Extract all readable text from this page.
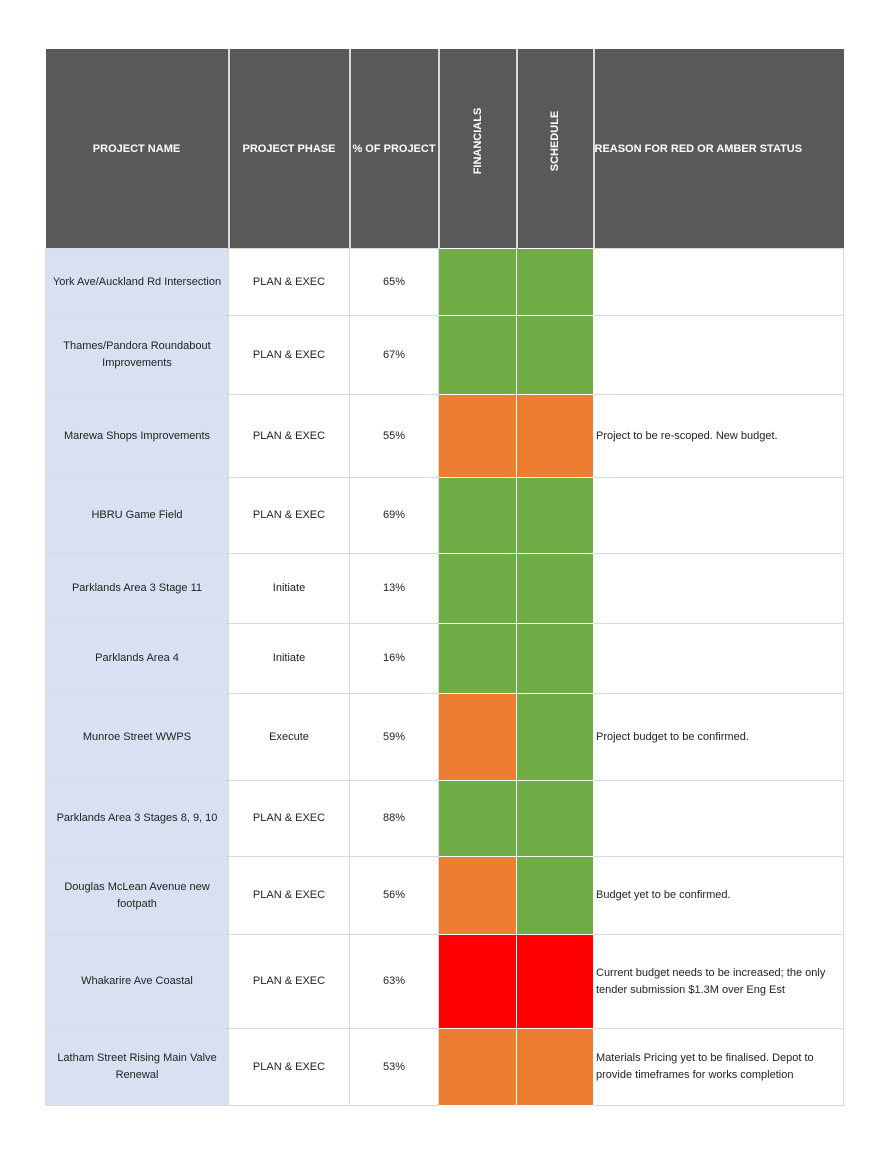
PROJECT NAME	PROJECT PHASE	% OF PROJECT	FINANCIALS	SCHEDULE	REASON FOR RED OR AMBER STATUS
York Ave/Auckland Rd Intersection	PLAN & EXEC	65%			
Thames/Pandora Roundabout Improvements	PLAN & EXEC	67%			
Marewa Shops Improvements	PLAN & EXEC	55%			Project to be re-scoped. New budget.
HBRU Game Field	PLAN & EXEC	69%			
Parklands Area 3 Stage 11	Initiate	13%			
Parklands Area 4	Initiate	16%			
Munroe Street WWPS	Execute	59%			Project budget to be confirmed.
Parklands Area 3 Stages 8, 9, 10	PLAN & EXEC	88%			
Douglas McLean Avenue new footpath	PLAN & EXEC	56%			Budget yet to be confirmed.
Whakarire Ave Coastal	PLAN & EXEC	63%			Current budget needs to be increased; the only tender submission $1.3M over Eng Est
Latham Street Rising Main Valve Renewal	PLAN & EXEC	53%			Materials Pricing yet to be finalised. Depot to provide timeframes for works completion
